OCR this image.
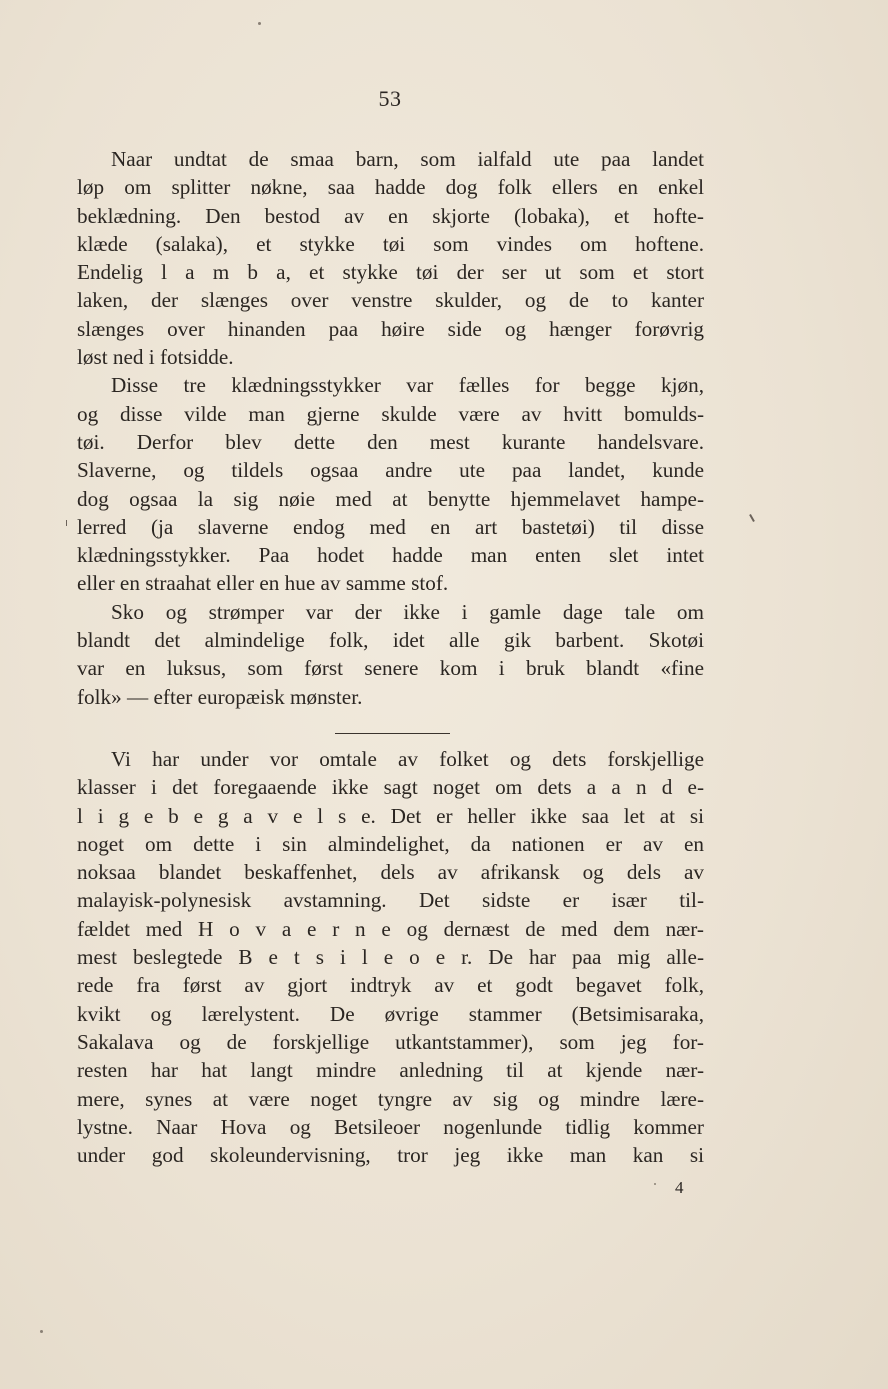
53
Naar undtat de smaa barn, som ialfald ute paa landet
løp om splitter nøkne, saa hadde dog folk ellers en enkel
beklædning. Den bestod av en skjorte (lobaka), et hofte-
klæde (salaka), et stykke tøi som vindes om hoftene.
Endelig l a m b a, et stykke tøi der ser ut som et stort
laken, der slænges over venstre skulder, og de to kanter
slænges over hinanden paa høire side og hænger forøvrig
løst ned i fotsidde.
Disse tre klædningsstykker var fælles for begge kjøn,
og disse vilde man gjerne skulde være av hvitt bomulds-
tøi. Derfor blev dette den mest kurante handelsvare.
Slaverne, og tildels ogsaa andre ute paa landet, kunde
dog ogsaa la sig nøie med at benytte hjemmelavet hampe-
lerred (ja slaverne endog med en art bastetøi) til disse
klædningsstykker. Paa hodet hadde man enten slet intet
eller en straahat eller en hue av samme stof.
Sko og strømper var der ikke i gamle dage tale om
blandt det almindelige folk, idet alle gik barbent. Skotøi
var en luksus, som først senere kom i bruk blandt «fine
folk» — efter europæisk mønster.
Vi har under vor omtale av folket og dets forskjellige
klasser i det foregaaende ikke sagt noget om dets a a n d e-
l i g e b e g a v e l s e. Det er heller ikke saa let at si
noget om dette i sin almindelighet, da nationen er av en
noksaa blandet beskaffenhet, dels av afrikansk og dels av
malayisk-polynesisk avstamning. Det sidste er især til-
fældet med H o v a e r n e og dernæst de med dem nær-
mest beslegtede B e t s i l e o e r. De har paa mig alle-
rede fra først av gjort indtryk av et godt begavet folk,
kvikt og lærelystent. De øvrige stammer (Betsimisaraka,
Sakalava og de forskjellige utkantstammer), som jeg for-
resten har hat langt mindre anledning til at kjende nær-
mere, synes at være noget tyngre av sig og mindre lære-
lystne. Naar Hova og Betsileoer nogenlunde tidlig kommer
under god skoleundervisning, tror jeg ikke man kan si
4
